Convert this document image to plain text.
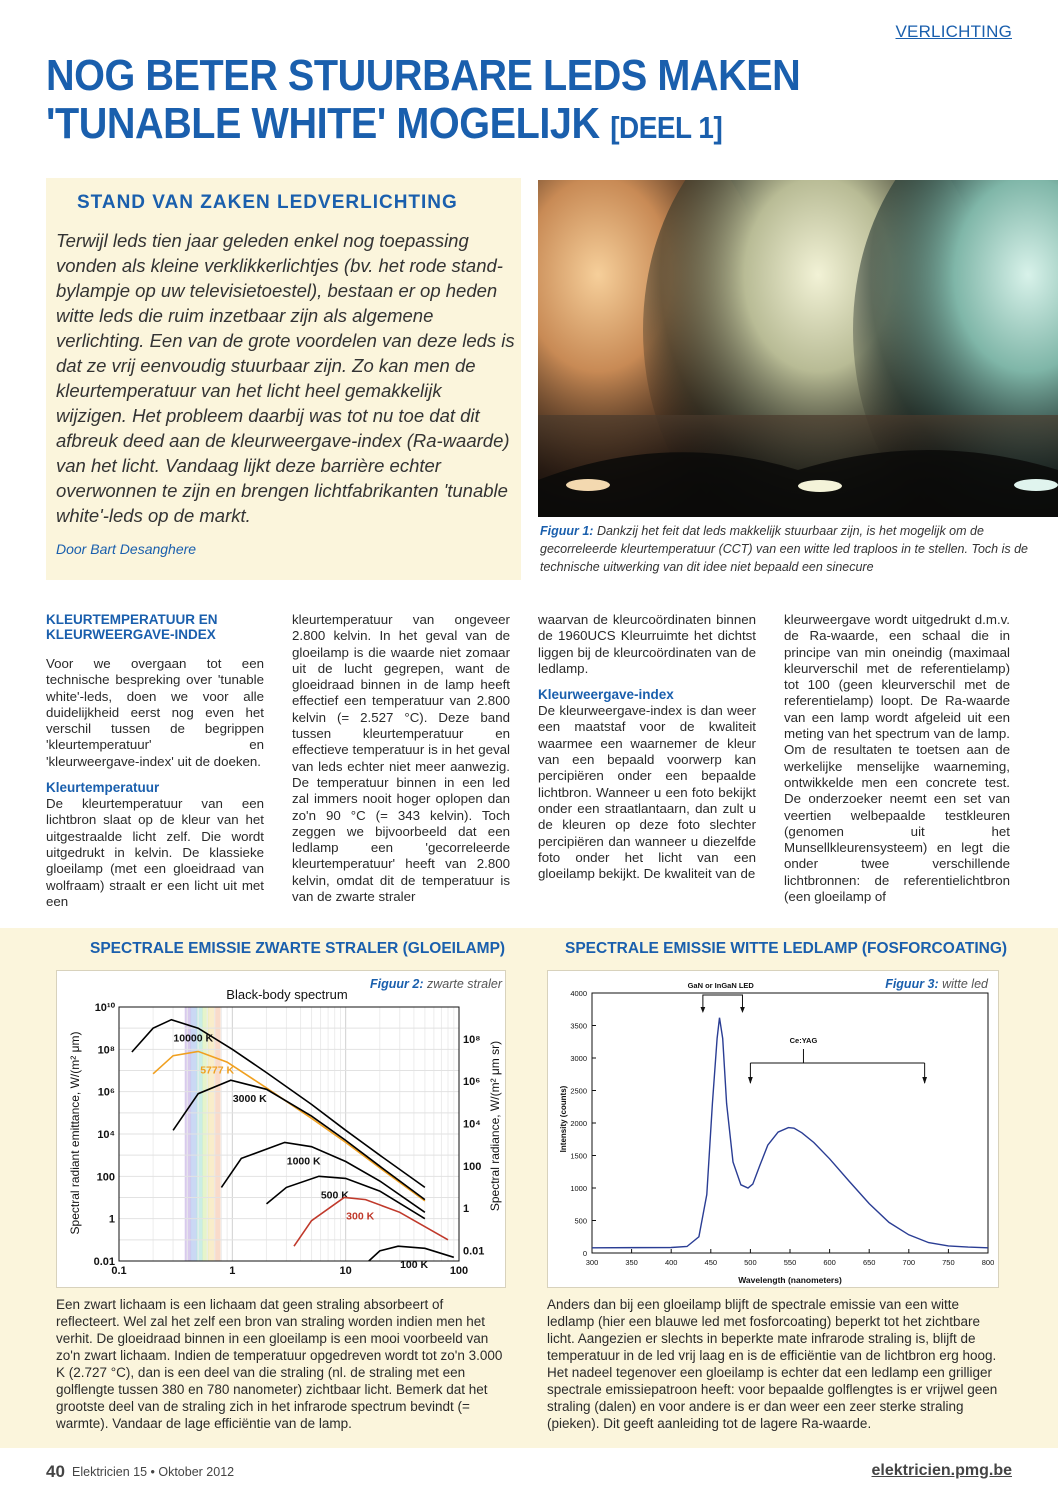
VERLICHTING
NOG BETER STUURBARE LEDS MAKEN
'TUNABLE WHITE' MOGELIJK [DEEL 1]
STAND VAN ZAKEN LEDVERLICHTING
Terwijl leds tien jaar geleden enkel nog toepassing vonden als kleine verklikkerlichtjes (bv. het rode stand-bylampje op uw televisietoestel), bestaan er op heden witte leds die ruim inzetbaar zijn als algemene verlichting. Een van de grote voordelen van deze leds is dat ze vrij eenvoudig stuurbaar zijn. Zo kan men de kleurtemperatuur van het licht heel gemakkelijk wijzigen. Het probleem daarbij was tot nu toe dat dit afbreuk deed aan de kleurweergave-index (Ra-waarde) van het licht. Vandaag lijkt deze barrière echter overwonnen te zijn en brengen lichtfabrikanten 'tunable white'-leds op de markt.
Door Bart Desanghere
Figuur 1: Dankzij het feit dat leds makkelijk stuurbaar zijn, is het mogelijk om de gecorreleerde kleurtemperatuur (CCT) van een witte led traploos in te stellen. Toch is de technische uitwerking van dit idee niet bepaald een sinecure
KLEURTEMPERATUUR EN KLEURWEERGAVE-INDEX

Voor we overgaan tot een technische bespreking over 'tunable white'-leds, doen we voor alle duidelijkheid eerst nog even het verschil tussen de begrippen 'kleurtemperatuur' en 'kleurweergave-index' uit de doeken.

Kleurtemperatuur

De kleurtemperatuur van een lichtbron slaat op de kleur van het uitgestraalde licht zelf. Die wordt uitgedrukt in kelvin. De klassieke gloeilamp (met een gloeidraad van wolfraam) straalt er een licht uit met een

kleurtemperatuur van ongeveer 2.800 kelvin. In het geval van de gloeilamp is die waarde niet zomaar uit de lucht gegrepen, want de gloeidraad binnen in de lamp heeft effectief een temperatuur van 2.800 kelvin (= 2.527 °C). Deze band tussen kleurtemperatuur en effectieve temperatuur is in het geval van leds echter niet meer aanwezig. De temperatuur binnen in een led zal immers nooit hoger oplopen dan zo'n 90 °C (= 343 kelvin). Toch zeggen we bijvoorbeeld dat een ledlamp een 'gecorreleerde kleurtemperatuur' heeft van 2.800 kelvin, omdat dit de temperatuur is van de zwarte straler

waarvan de kleurcoördinaten binnen de 1960UCS Kleurruimte het dichtst liggen bij de kleurcoördinaten van de ledlamp.

Kleurweergave-index

De kleurweergave-index is dan weer een maatstaf voor de kwaliteit waarmee een waarnemer de kleur van een bepaald voorwerp kan percipiëren onder een bepaalde lichtbron. Wanneer u een foto bekijkt onder een straatlantaarn, dan zult u de kleuren op deze foto slechter percipiëren dan wanneer u diezelfde foto onder het licht van een gloeilamp bekijkt. De kwaliteit van de

kleurweergave wordt uitgedrukt d.m.v. de Ra-waarde, een schaal die in principe van min oneindig (maximaal kleurverschil met de referentielamp) tot 100 (geen kleurverschil met de referentielamp) loopt. De Ra-waarde van een lamp wordt afgeleid uit een meting van het spectrum van de lamp. Om de resultaten te toetsen aan de werkelijke menselijke waarneming, ontwikkelde men een concrete test. De onderzoeker neemt een set van veertien welbepaalde testkleuren (genomen uit het Munsellkleurensysteem) en legt die onder twee verschillende lichtbronnen: de referentielichtbron (een gloeilamp of

SPECTRALE EMISSIE ZWARTE STRALER (GLOEILAMP)	SPECTRALE EMISSIE WITTE LEDLAMP (FOSFORCOATING)
Figuur 2: zwarte straler
Black-body spectrum
10000 K
5777 K
3000 K
1000 K
500 K
300 K
100 K
0.1	1	10	100
0.01
1
100
10⁴
10⁶
10⁸
10¹⁰
0.01
1
100
10⁴
10⁶
10⁸
Spectral radiant emittance, W/(m² μm)	Spectral radiance, W/(m² μm sr)
Figuur 3: witte led
300	350	400	450	500	550	600	650	700	750	800
0
500
1000
1500
2000
2500
3000
3500
4000
GaN or InGaN LED
Ce:YAG
Intensity (counts)
Wavelength (nanometers)
Een zwart lichaam is een lichaam dat geen straling absorbeert of reflecteert. Wel zal het zelf een bron van straling worden indien men het verhit. De gloeidraad binnen in een gloeilamp is een mooi voorbeeld van zo'n zwart lichaam. Indien de temperatuur opgedreven wordt tot zo'n 3.000 K (2.727 °C), dan is een deel van die straling (nl. de straling met een golflengte tussen 380 en 780 nanometer) zichtbaar licht. Bemerk dat het grootste deel van de straling zich in het infrarode spectrum bevindt (= warmte). Vandaar de lage efficiëntie van de lamp.
Anders dan bij een gloeilamp blijft de spectrale emissie van een witte ledlamp (hier een blauwe led met fosforcoating) beperkt tot het zichtbare licht. Aangezien er slechts in beperkte mate infrarode straling is, blijft de temperatuur in de led vrij laag en is de efficiëntie van de lichtbron erg hoog. Het nadeel tegenover een gloeilamp is echter dat een ledlamp een grilliger spectrale emissiepatroon heeft: voor bepaalde golflengtes is er vrijwel geen straling (dalen) en voor andere is er dan weer een zeer sterke straling (pieken). Dit geeft aanleiding tot de lagere Ra-waarde.
40 Elektricien 15 • Oktober 2012	elektricien.pmg.be
